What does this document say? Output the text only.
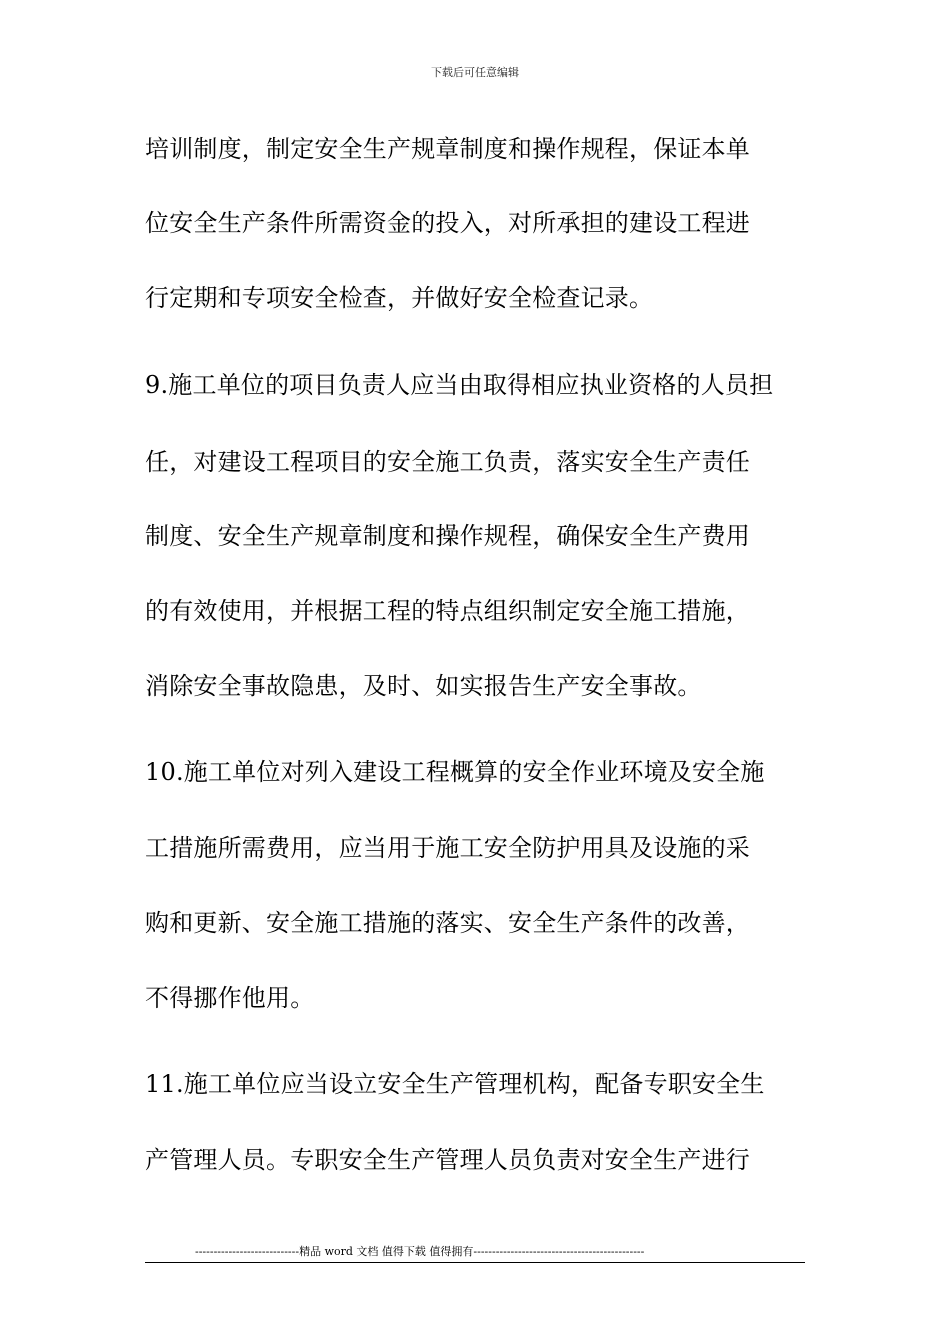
下载后可任意编辑
培训制度，制定安全生产规章制度和操作规程，保证本单
位安全生产条件所需资金的投入，对所承担的建设工程进
行定期和专项安全检查，并做好安全检查记录。
9.施工单位的项目负责人应当由取得相应执业资格的人员担
任，对建设工程项目的安全施工负责，落实安全生产责任
制度、安全生产规章制度和操作规程，确保安全生产费用
的有效使用，并根据工程的特点组织制定安全施工措施，
消除安全事故隐患，及时、如实报告生产安全事故。
10.施工单位对列入建设工程概算的安全作业环境及安全施
工措施所需费用，应当用于施工安全防护用具及设施的采
购和更新、安全施工措施的落实、安全生产条件的改善，
不得挪作他用。
11.施工单位应当设立安全生产管理机构，配备专职安全生
产管理人员。专职安全生产管理人员负责对安全生产进行
----------------------------精品 word 文档 值得下载 值得拥有----------------------------------------------
